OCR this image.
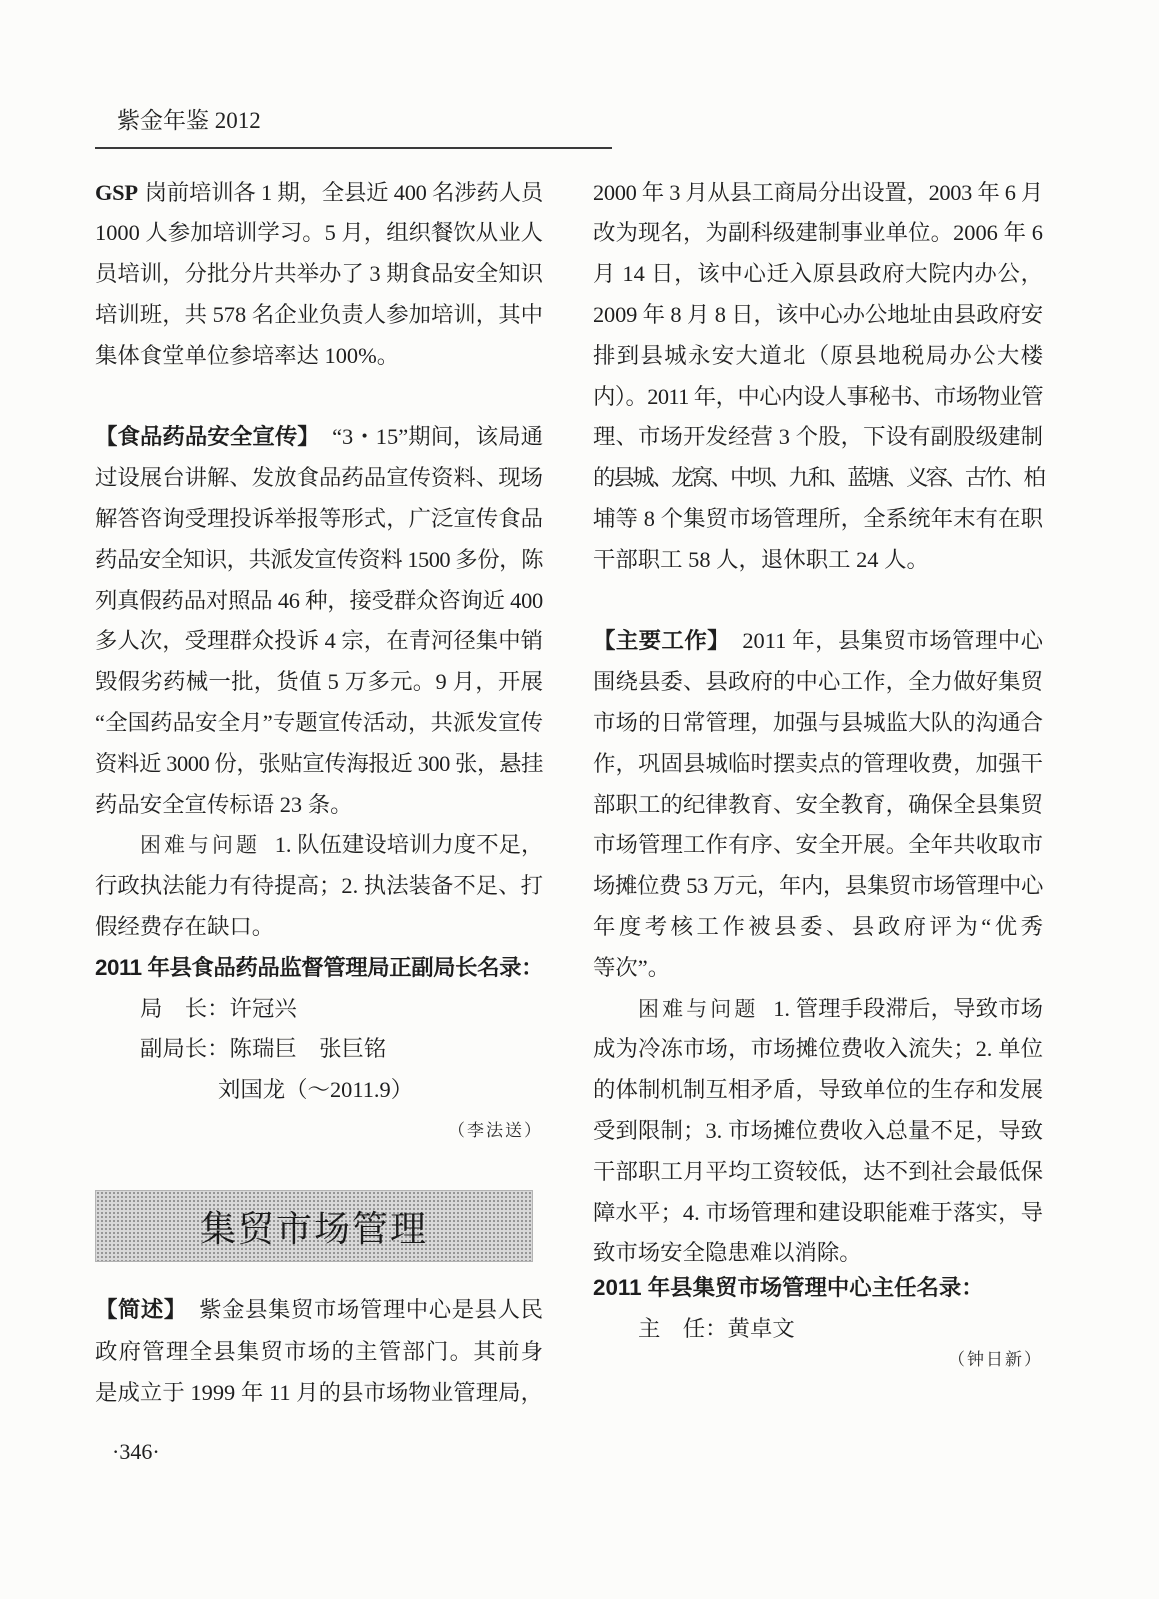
紫金年鉴 2012
GSP 岗前培训各 1 期，全县近 400 名涉药人员
1000 人参加培训学习。5 月，组织餐饮从业人
员培训，分批分片共举办了 3 期食品安全知识
培训班，共 578 名企业负责人参加培训，其中
集体食堂单位参培率达 100%。
【食品药品安全宣传】 “3・15”期间，该局通
过设展台讲解、发放食品药品宣传资料、现场
解答咨询受理投诉举报等形式，广泛宣传食品
药品安全知识，共派发宣传资料 1500 多份，陈
列真假药品对照品 46 种，接受群众咨询近 400
多人次，受理群众投诉 4 宗，在青河径集中销
毁假劣药械一批，货值 5 万多元。9 月，开展
“全国药品安全月”专题宣传活动，共派发宣传
资料近 3000 份，张贴宣传海报近 300 张，悬挂
药品安全宣传标语 23 条。
困难与问题 1. 队伍建设培训力度不足，
行政执法能力有待提高；2. 执法装备不足、打
假经费存在缺口。
2011 年县食品药品监督管理局正副局长名录：
局　长：许冠兴
副局长：陈瑞巨　张巨铭
刘国龙（～2011.9）
（李法送）
集贸市场管理
【简述】 紫金县集贸市场管理中心是县人民
政府管理全县集贸市场的主管部门。其前身
是成立于 1999 年 11 月的县市场物业管理局，
2000 年 3 月从县工商局分出设置，2003 年 6 月
改为现名，为副科级建制事业单位。2006 年 6
月 14 日，该中心迁入原县政府大院内办公，
2009 年 8 月 8 日，该中心办公地址由县政府安
排到县城永安大道北（原县地税局办公大楼
内）。2011 年，中心内设人事秘书、市场物业管
理、市场开发经营 3 个股，下设有副股级建制
的县城、龙窝、中坝、九和、蓝塘、义容、古竹、柏
埔等 8 个集贸市场管理所，全系统年末有在职
干部职工 58 人，退休职工 24 人。
【主要工作】 2011 年，县集贸市场管理中心
围绕县委、县政府的中心工作，全力做好集贸
市场的日常管理，加强与县城监大队的沟通合
作，巩固县城临时摆卖点的管理收费，加强干
部职工的纪律教育、安全教育，确保全县集贸
市场管理工作有序、安全开展。全年共收取市
场摊位费 53 万元，年内，县集贸市场管理中心
年度考核工作被县委、县政府评为“优秀
等次”。
困难与问题 1. 管理手段滞后，导致市场
成为冷冻市场，市场摊位费收入流失；2. 单位
的体制机制互相矛盾，导致单位的生存和发展
受到限制；3. 市场摊位费收入总量不足，导致
干部职工月平均工资较低，达不到社会最低保
障水平；4. 市场管理和建设职能难于落实，导
致市场安全隐患难以消除。
2011 年县集贸市场管理中心主任名录：
主　任：黄卓文
（钟日新）
·346·
